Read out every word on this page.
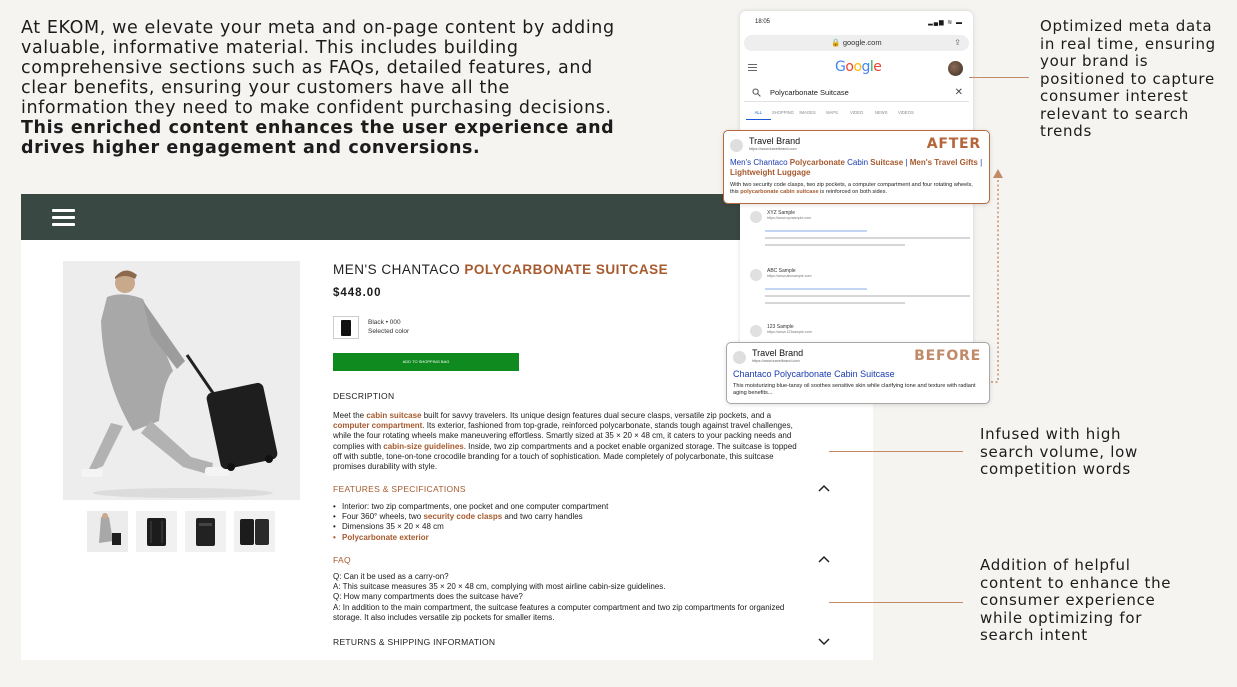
At EKOM, we elevate your meta and on-page content by adding valuable, informative material. This includes building comprehensive sections such as FAQs, detailed features, and clear benefits, ensuring your customers have all the information they need to make confident purchasing decisions. This enriched content enhances the user experience and drives higher engagement and conversions.
MEN'S CHANTACO POLYCARBONATE SUITCASE
$448.00
Black • 000
Selected color
ADD TO SHOPPING BAG
DESCRIPTION
Meet the cabin suitcase built for savvy travelers. Its unique design features dual secure clasps, versatile zip pockets, and a computer compartment. Its exterior, fashioned from top-grade, reinforced polycarbonate, stands tough against travel challenges, while the four rotating wheels make maneuvering effortless. Smartly sized at 35 × 20 × 48 cm, it caters to your packing needs and complies with cabin-size guidelines. Inside, two zip compartments and a pocket enable organized storage. The suitcase is topped off with subtle, tone-on-tone crocodile branding for a touch of sophistication. Made completely of polycarbonate, this suitcase promises durability with style.
FEATURES & SPECIFICATIONS
• Interior: two zip compartments, one pocket and one computer compartment
• Four 360° wheels, two security code clasps and two carry handles
• Dimensions 35 × 20 × 48 cm
• Polycarbonate exterior
FAQ
Q: Can it be used as a carry-on?
A: This suitcase measures 35 × 20 × 48 cm, complying with most airline cabin-size guidelines.
Q: How many compartments does the suitcase have?
A: In addition to the main compartment, the suitcase features a computer compartment and two zip compartments for organized storage. It also includes versatile zip pockets for smaller items.
RETURNS & SHIPPING INFORMATION
18:05	▂▄▆ ≋ ▬
🔒 google.com	⇪
Google
Polycarbonate Suitcase	✕
ALL	SHOPPING	IMAGES	MAPS	VIDEO	NEWS	VIDEOS
XYZ Sample
https://www.xyzsample.com
ABC Sample
https://www.abcsample.com
123 Sample
https://www.123sample.com
Travel Brand
https://www.travelbrand.com	AFTER
Men's Chantaco Polycarbonate Cabin Suitcase | Men's Travel Gifts | Lightweight Luggage
With two security code clasps, two zip pockets, a computer compartment and four rotating wheels, this polycarbonate cabin suitcase is reinforced on both sides.
Travel Brand
https://www.travelbrand.com	BEFORE
Chantaco Polycarbonate Cabin Suitcase
This moisturizing blue-tansy oil soothes sensitive skin while clarifying tone and texture with radiant aging benefits...
Optimized meta data in real time, ensuring your brand is positioned to capture consumer interest relevant to search trends
Infused with high search volume, low competition words
Addition of helpful content to enhance the consumer experience while optimizing for search intent
